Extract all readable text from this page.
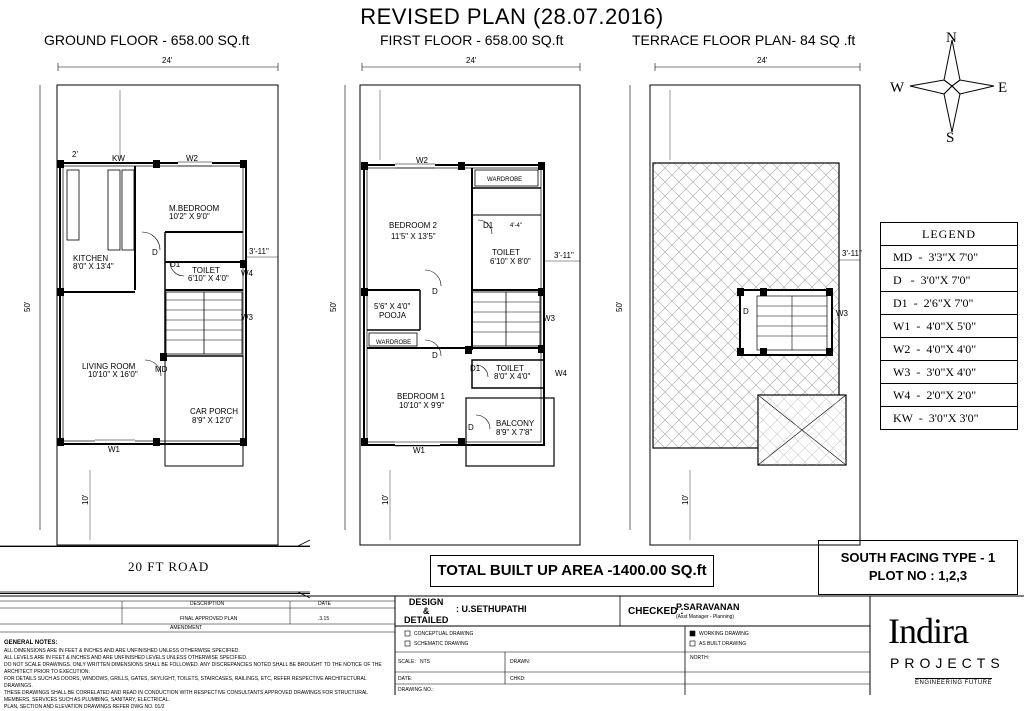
REVISED PLAN (28.07.2016)
GROUND FLOOR - 658.00 SQ.ft	FIRST FLOOR - 658.00 SQ.ft	TERRACE FLOOR PLAN- 84 SQ .ft
24'
50'
10'
3'-11"
2'	KW	W2
M.BEDROOM
10'2" X 9'0"
KITCHEN
8'0" X 13'4"
D
D1
TOILET
6'10" X 4'0"
W4
W3
LIVING ROOM
10'10" X 16'0"
MD
CAR PORCH
8'9" X 12'0"
W1
24'
50'
10'
3'-11"
4'-4"
W2
WARDROBE
BEDROOM 2
11'5" X 13'5"
D1
TOILET
6'10" X 8'0"
D
5'6" X 4'0"
POOJA	W3
WARDROBE
D
D1 TOILET
8'0" X 4'0"	W4
BEDROOM 1
10'10" X 9'9"
D	BALCONY
8'9" X 7'8"
W1
24'
50'
3'-11"
10'
D	W3
N
S
E
W
LEGEND
MD  -  3'3"X 7'0"
D   -  3'0"X 7'0"
D1  -  2'6"X 7'0"
W1  -  4'0"X 5'0"
W2  -  4'0"X 4'0"
W3  -  3'0"X 4'0"
W4  -  2'0"X 2'0"
KW  -  3'0"X 3'0"
20 FT ROAD	TOTAL BUILT UP AREA -1400.00 SQ.ft
SOUTH FACING TYPE - 1
PLOT NO : 1,2,3
DESCRIPTION	DATE
FINAL APPROVED PLAN	.3.15
AMENDMENT
GENERAL NOTES:
ALL DIMENSIONS ARE IN FEET & INCHES AND ARE UNFINISHED UNLESS OTHERWISE SPECIFIED.
ALL LEVELS ARE IN FEET & INCHES AND ARE UNFINISHED LEVELS UNLESS OTHERWISE SPECIFIED.
DO NOT SCALE DRAWINGS. ONLY WRITTEN DIMENSIONS SHALL BE FOLLOWED. ANY DISCREPANCIES NOTED SHALL BE BROUGHT TO THE NOTICE OF THE ARCHITECT PRIOR TO EXECUTION.
FOR DETAILS SUCH AS DOORS, WINDOWS, GRILLS, GATES, SKYLIGHT, TOILETS, STAIRCASES, RAILINGS, ETC, REFER RESPECTIVE ARCHITECTURAL DRAWINGS.
THESE DRAWINGS SHALL BE CORRELATED AND READ IN CONDUCTION WITH RESPECTIVE CONSULTANTS APPROVED DRAWINGS FOR STRUCTURAL MEMBERS, SERVICES SUCH AS PLUMBING, SANITARY, ELECTRICAL.
PLAN, SECTION AND ELEVATION DRAWINGS REFER DWG NO. 01/2
DESIGN
&
DETAILED
: U.SETHUPATHI	CHECKED :
P.SARAVANAN
(Asst Manager - Planning)
CONCEPTUAL DRAWING
SCHEMATIC DRAWING
WORKING DRAWING
AS BUILT DRAWING
SCALE: NTS	DRAWN:
DATE:	CHKD:
DRAWING NO.:
NORTH:
Indira
PROJECTS
ENGINEERING FUTURE
